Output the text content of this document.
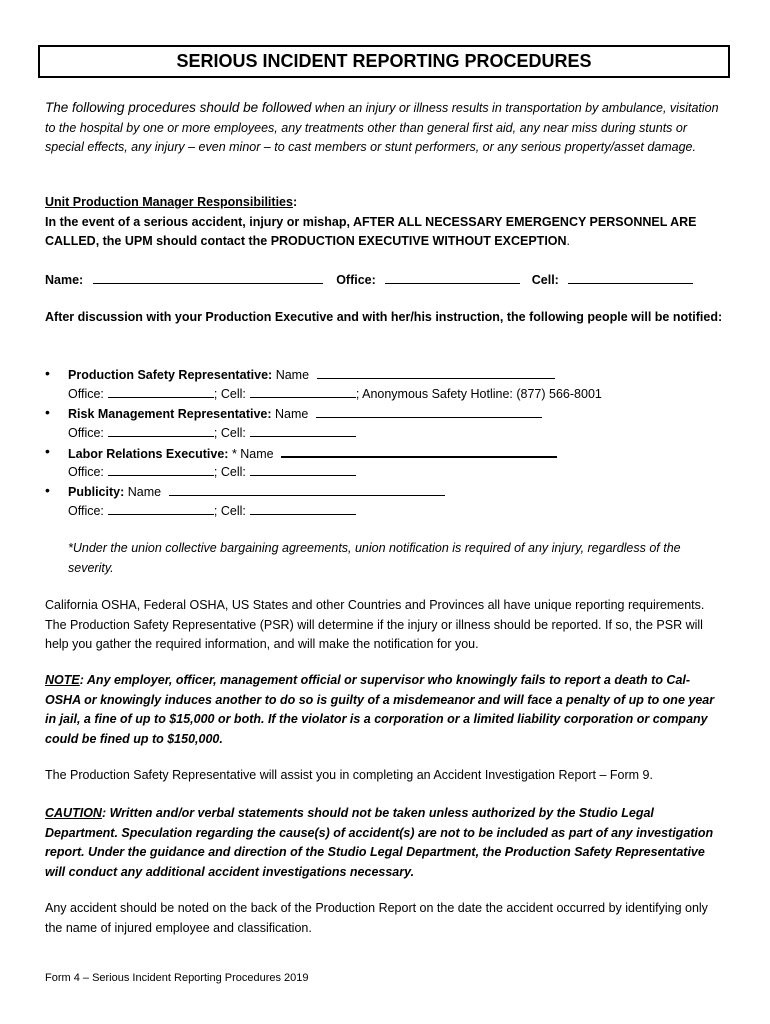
SERIOUS INCIDENT REPORTING PROCEDURES
The following procedures should be followed when an injury or illness results in transportation by ambulance, visitation to the hospital by one or more employees, any treatments other than general first aid, any near miss during stunts or special effects, any injury – even minor – to cast members or stunt performers, or any serious property/asset damage.
Unit Production Manager Responsibilities:
In the event of a serious accident, injury or mishap, AFTER ALL NECESSARY EMERGENCY PERSONNEL ARE CALLED, the UPM should contact the PRODUCTION EXECUTIVE WITHOUT EXCEPTION.
Name:	Office:	Cell:
After discussion with your Production Executive and with her/his instruction, the following people will be notified:
• Production Safety Representative: Name
Office:	; Cell:	; Anonymous Safety Hotline: (877) 566-8001
• Risk Management Representative: Name
Office:	; Cell:
• Labor Relations Executive: * Name
Office:	; Cell:
• Publicity: Name
Office:	; Cell:
*Under the union collective bargaining agreements, union notification is required of any injury, regardless of the severity.
California OSHA, Federal OSHA, US States and other Countries and Provinces all have unique reporting requirements. The Production Safety Representative (PSR) will determine if the injury or illness should be reported. If so, the PSR will help you gather the required information, and will make the notification for you.
NOTE: Any employer, officer, management official or supervisor who knowingly fails to report a death to Cal-OSHA or knowingly induces another to do so is guilty of a misdemeanor and will face a penalty of up to one year in jail, a fine of up to $15,000 or both. If the violator is a corporation or a limited liability corporation or company could be fined up to $150,000.
The Production Safety Representative will assist you in completing an Accident Investigation Report – Form 9.
CAUTION: Written and/or verbal statements should not be taken unless authorized by the Studio Legal Department. Speculation regarding the cause(s) of accident(s) are not to be included as part of any investigation report. Under the guidance and direction of the Studio Legal Department, the Production Safety Representative will conduct any additional accident investigations necessary.
Any accident should be noted on the back of the Production Report on the date the accident occurred by identifying only the name of injured employee and classification.
Form 4 – Serious Incident Reporting Procedures 2019
